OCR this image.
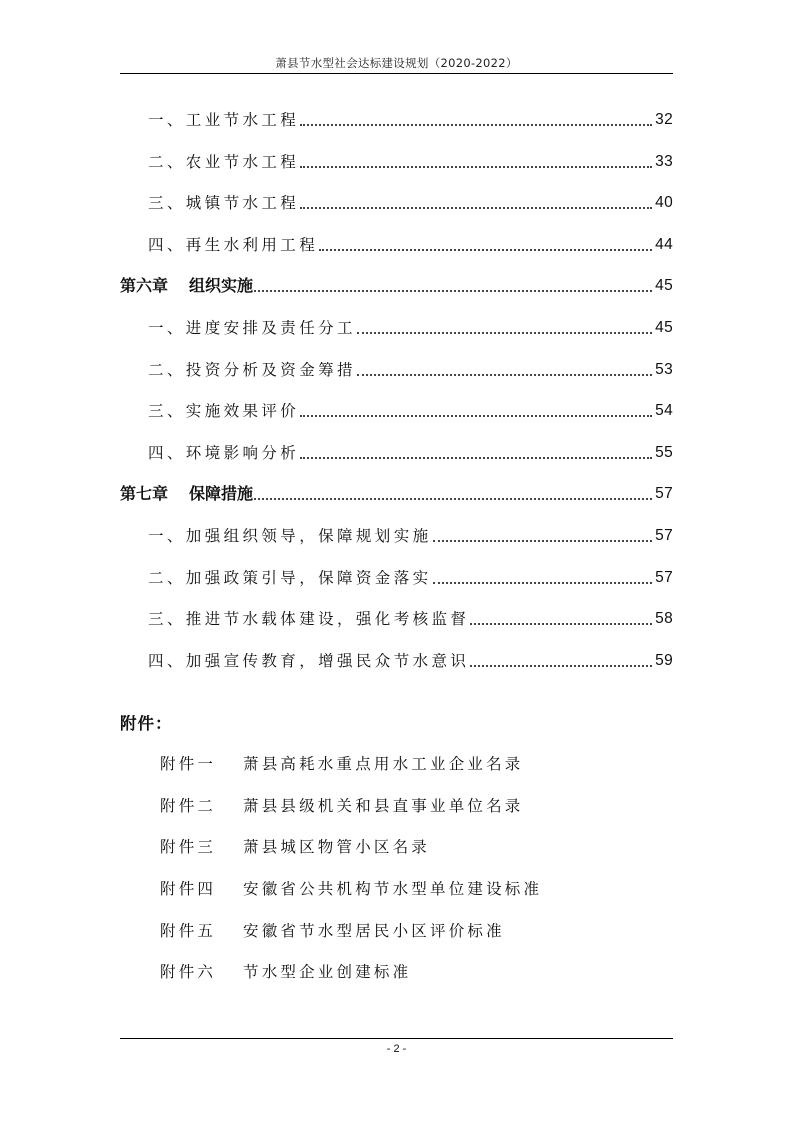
萧县节水型社会达标建设规划（2020-2022）
一、工业节水工程	32
二、农业节水工程	33
三、城镇节水工程	40
四、再生水利用工程	44
第六章 组织实施	45
一、进度安排及责任分工	45
二、投资分析及资金筹措	53
三、实施效果评价	54
四、环境影响分析	55
第七章 保障措施	57
一、加强组织领导，保障规划实施	57
二、加强政策引导，保障资金落实	57
三、推进节水载体建设，强化考核监督	58
四、加强宣传教育，增强民众节水意识	59
附件：
附件一	萧县高耗水重点用水工业企业名录
附件二	萧县县级机关和县直事业单位名录
附件三	萧县城区物管小区名录
附件四	安徽省公共机构节水型单位建设标准
附件五	安徽省节水型居民小区评价标准
附件六	节水型企业创建标准
- 2 -
